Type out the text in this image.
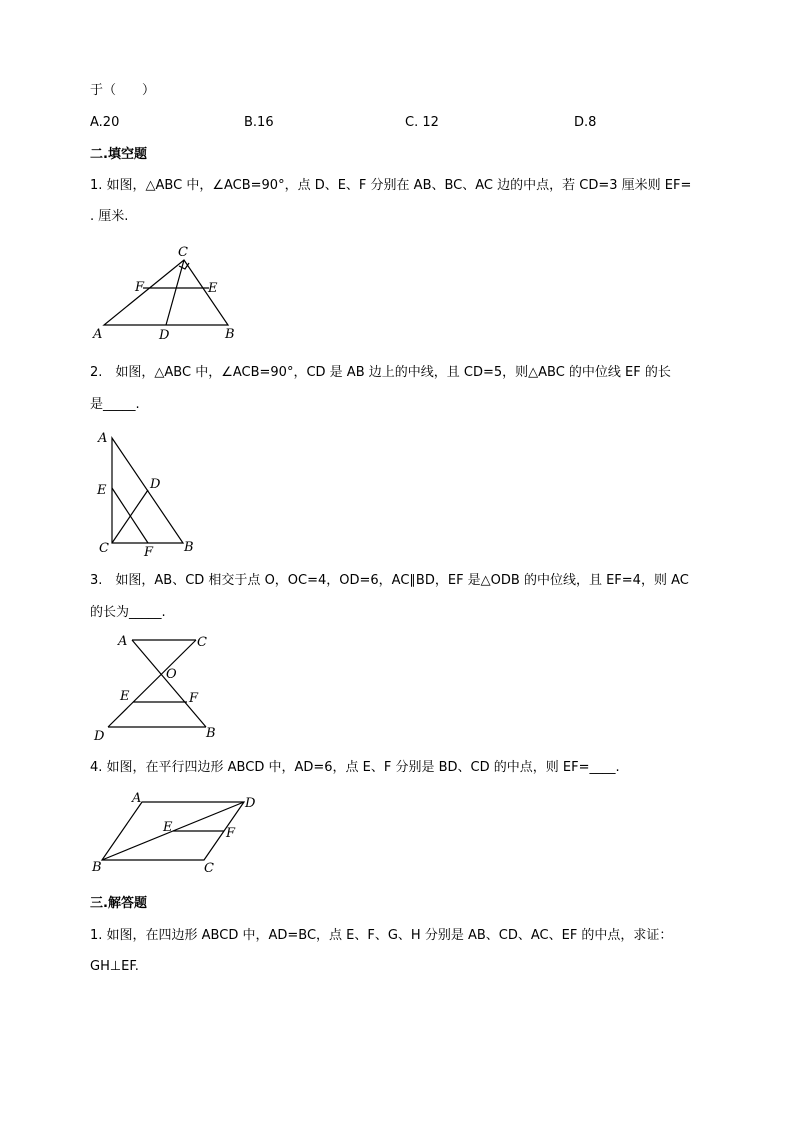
于（　　）
A.20	B.16	C. 12	D.8
二.填空题
1. 如图，△ABC 中，∠ACB=90°，点 D、E、F 分别在 AB、BC、AC 边的中点，若 CD=3 厘米则 EF=
. 厘米.
A	B
C
D
E
F
2.　如图，△ABC 中，∠ACB=90°，CD 是 AB 边上的中线，且 CD=5，则△ABC 的中位线 EF 的长
是_____.
A
B
C
D
E
F
3.　如图，AB、CD 相交于点 O，OC=4，OD=6，AC∥BD，EF 是△ODB 的中位线，且 EF=4，则 AC
的长为_____.
A	C
O
E	F
D	B
4. 如图，在平行四边形 ABCD 中，AD=6，点 E、F 分别是 BD、CD 的中点，则 EF=____.
A
B	C
D
E	F
三.解答题
1. 如图，在四边形 ABCD 中，AD=BC，点 E、F、G、H 分别是 AB、CD、AC、EF 的中点，求证：
GH⊥EF.
